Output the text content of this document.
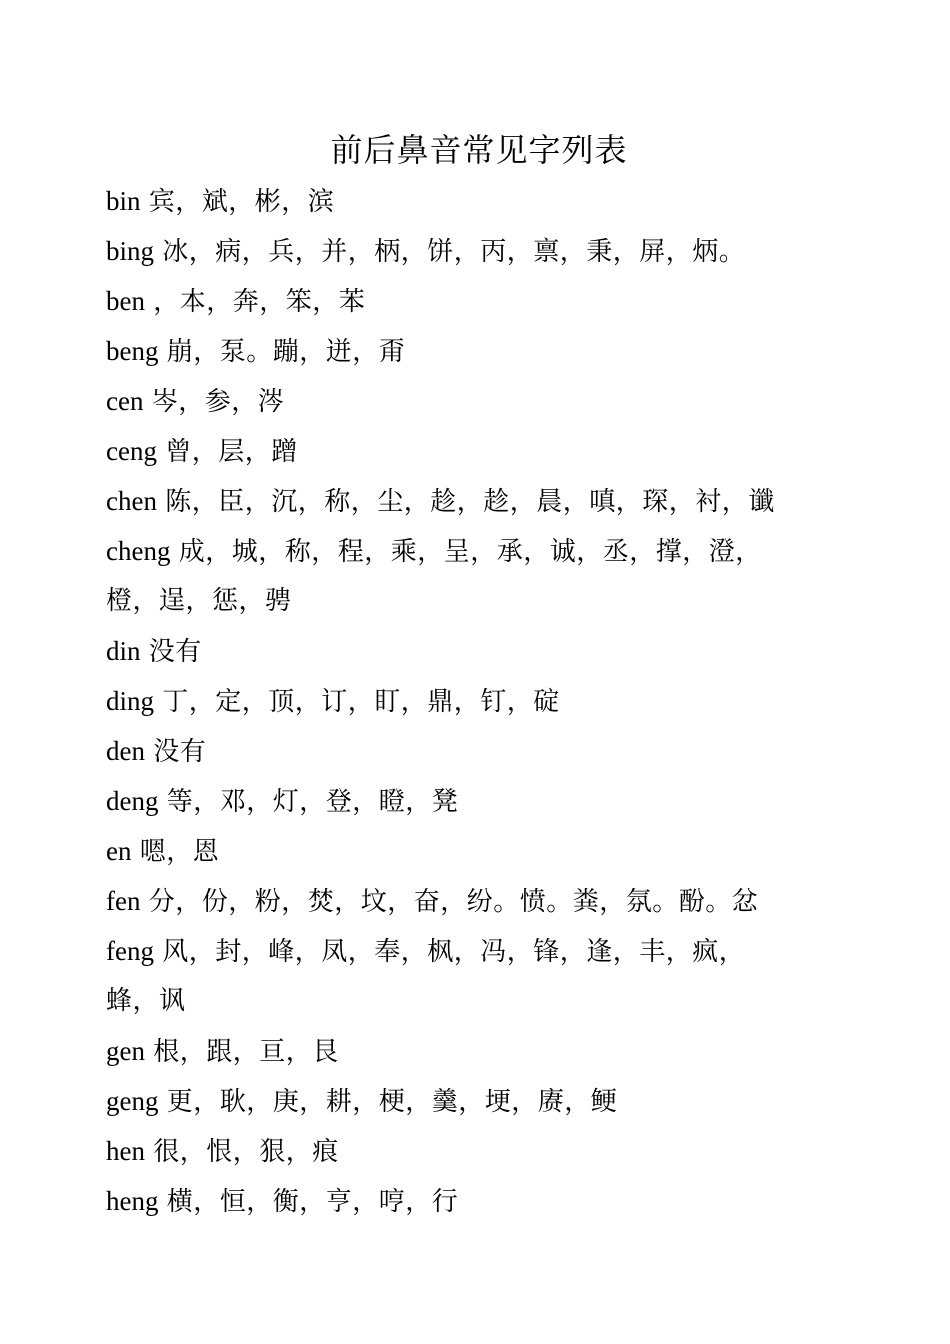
前后鼻音常见字列表
bin 宾，斌，彬，滨
bing 冰，病，兵，并，柄，饼，丙，禀，秉，屏，炳。
ben ，本，奔，笨，苯
beng 崩，泵。蹦，迸，甭
cen 岑，参，涔
ceng 曾，层，蹭
chen 陈，臣，沉，称，尘，趁，趁，晨，嗔，琛，衬，谶
cheng 成，城，称，程，乘，呈，承，诚，丞，撑，澄，
橙，逞，惩，骋
din 没有
ding 丁，定，顶，订，盯，鼎，钉，碇
den 没有
deng 等，邓，灯，登，瞪，凳
en 嗯，恩
fen 分，份，粉，焚，坟，奋，纷。愤。粪，氛。酚。忿
feng 风，封，峰，凤，奉，枫，冯，锋，逢，丰，疯，
蜂，讽
gen 根，跟，亘，艮
geng 更，耿，庚，耕，梗，羹，埂，赓，鲠
hen 很，恨，狠，痕
heng 横，恒，衡，亨，哼，行
